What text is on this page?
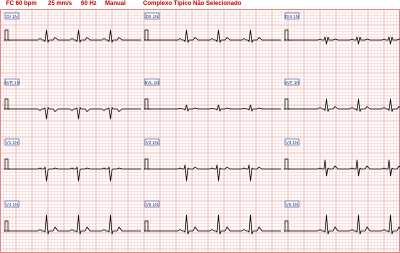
FC 60 bpm 25 mm/s 60 Hz Manual	Complexo Típico Não Selecionado
DI 1N
aVR 1N
V1 1N
V4 1N
DII 1N
aVL 1N
V2 1N
V5 1N
DIII 1N
aVF 1N
V3 1N
V6 1N
